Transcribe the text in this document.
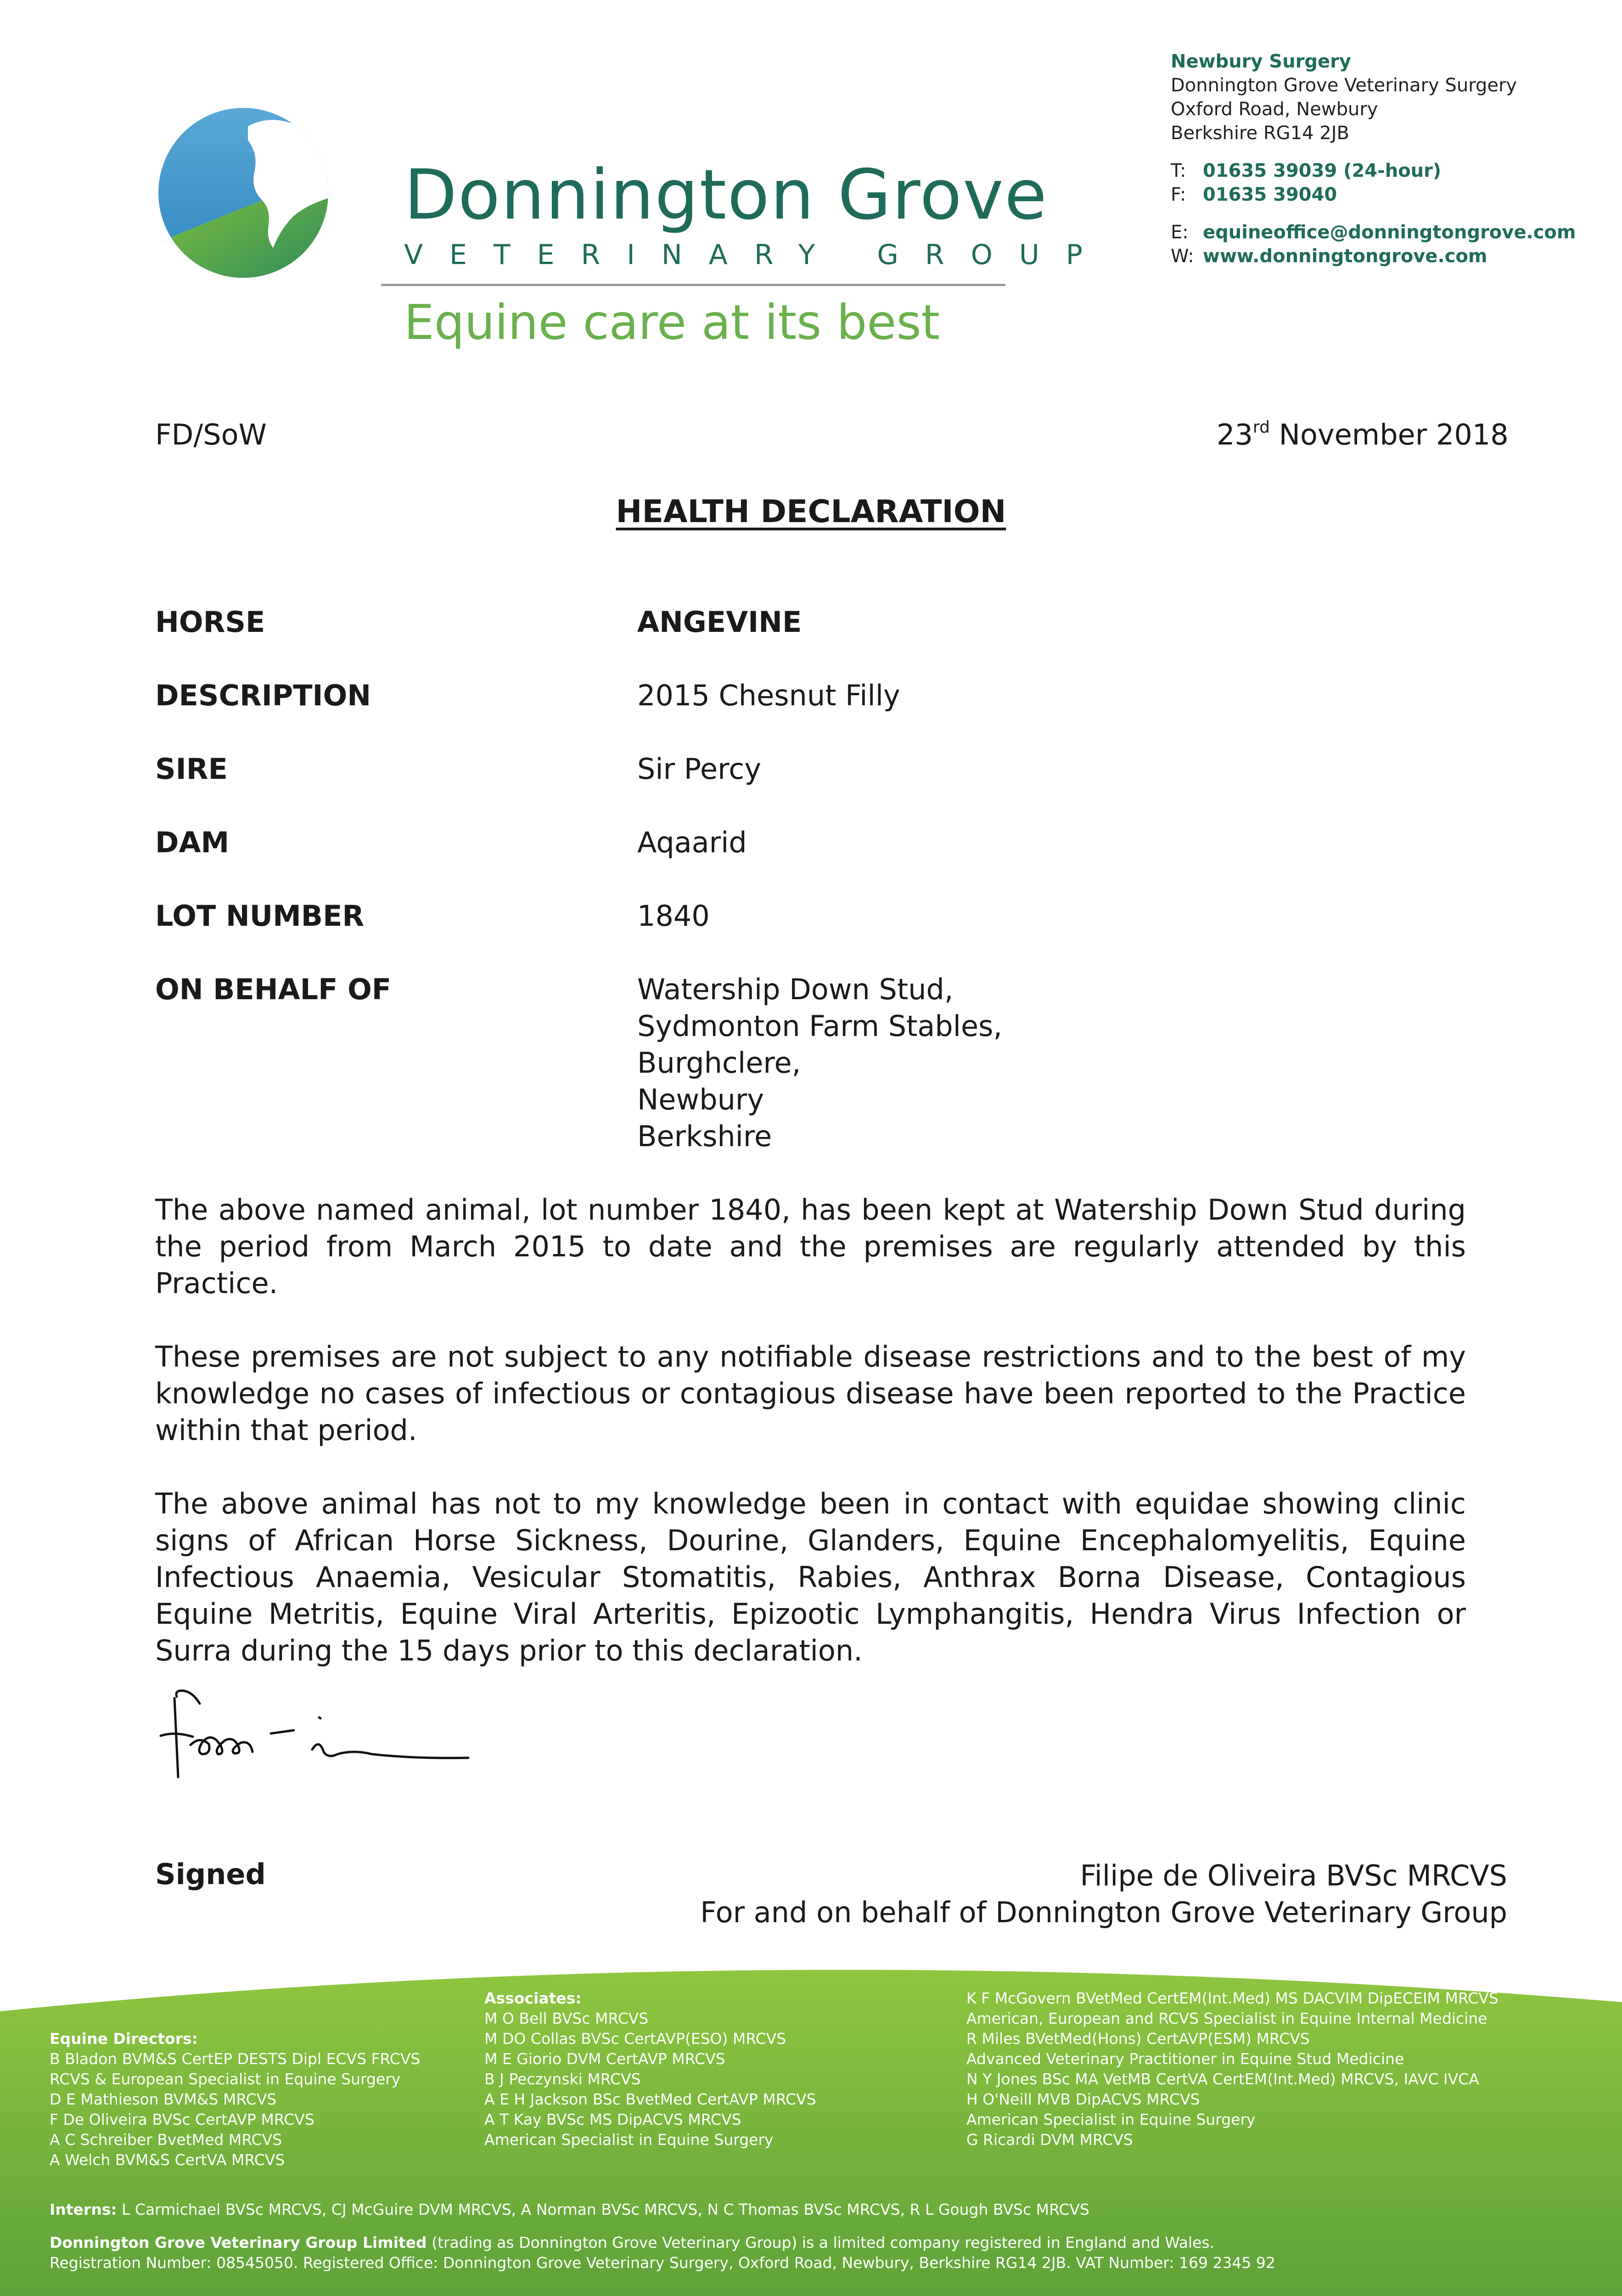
Donnington Grove
VETERINARY GROUP
Equine care at its best
Newbury Surgery
Donnington Grove Veterinary Surgery
Oxford Road, Newbury
Berkshire RG14 2JB
T: 01635 39039 (24-hour)
F: 01635 39040
E: equineoffice@donningtongrove.com
W: www.donningtongrove.com
FD/SoW	23rd November 2018
HEALTH DECLARATION
HORSE	ANGEVINE
DESCRIPTION	2015 Chesnut Filly
SIRE	Sir Percy
DAM	Aqaarid
LOT NUMBER	1840
ON BEHALF OF	Watership Down Stud,
Sydmonton Farm Stables,
Burghclere,
Newbury
Berkshire

The above named animal, lot number 1840, has been kept at Watership Down Stud during the period from March 2015 to date and the premises are regularly attended by this Practice.

These premises are not subject to any notifiable disease restrictions and to the best of my knowledge no cases of infectious or contagious disease have been reported to the Practice within that period.

The above animal has not to my knowledge been in contact with equidae showing clinic signs of African Horse Sickness, Dourine, Glanders, Equine Encephalomyelitis, Equine Infectious Anaemia, Vesicular Stomatitis, Rabies, Anthrax Borna Disease, Contagious Equine Metritis, Equine Viral Arteritis, Epizootic Lymphangitis, Hendra Virus Infection or Surra during the 15 days prior to this declaration.

Signed	Filipe de Oliveira BVSc MRCVS
For and on behalf of Donnington Grove Veterinary Group
Equine Directors:
B Bladon BVM&S CertEP DESTS Dipl ECVS FRCVS
RCVS & European Specialist in Equine Surgery
D E Mathieson BVM&S MRCVS
F De Oliveira BVSc CertAVP MRCVS
A C Schreiber BvetMed MRCVS
A Welch BVM&S CertVA MRCVS
Associates:
M O Bell BVSc MRCVS
M DO Collas BVSc CertAVP(ESO) MRCVS
M E Giorio DVM CertAVP MRCVS
B J Peczynski MRCVS
A E H Jackson BSc BvetMed CertAVP MRCVS
A T Kay BVSc MS DipACVS MRCVS
American Specialist in Equine Surgery
K F McGovern BVetMed CertEM(Int.Med) MS DACVIM DipECEIM MRCVS
American, European and RCVS Specialist in Equine Internal Medicine
R Miles BVetMed(Hons) CertAVP(ESM) MRCVS
Advanced Veterinary Practitioner in Equine Stud Medicine
N Y Jones BSc MA VetMB CertVA CertEM(Int.Med) MRCVS, IAVC IVCA
H O'Neill MVB DipACVS MRCVS
American Specialist in Equine Surgery
G Ricardi DVM MRCVS
Interns: L Carmichael BVSc MRCVS, CJ McGuire DVM MRCVS, A Norman BVSc MRCVS, N C Thomas BVSc MRCVS, R L Gough BVSc MRCVS
Donnington Grove Veterinary Group Limited (trading as Donnington Grove Veterinary Group) is a limited company registered in England and Wales.
Registration Number: 08545050. Registered Office: Donnington Grove Veterinary Surgery, Oxford Road, Newbury, Berkshire RG14 2JB. VAT Number: 169 2345 92
